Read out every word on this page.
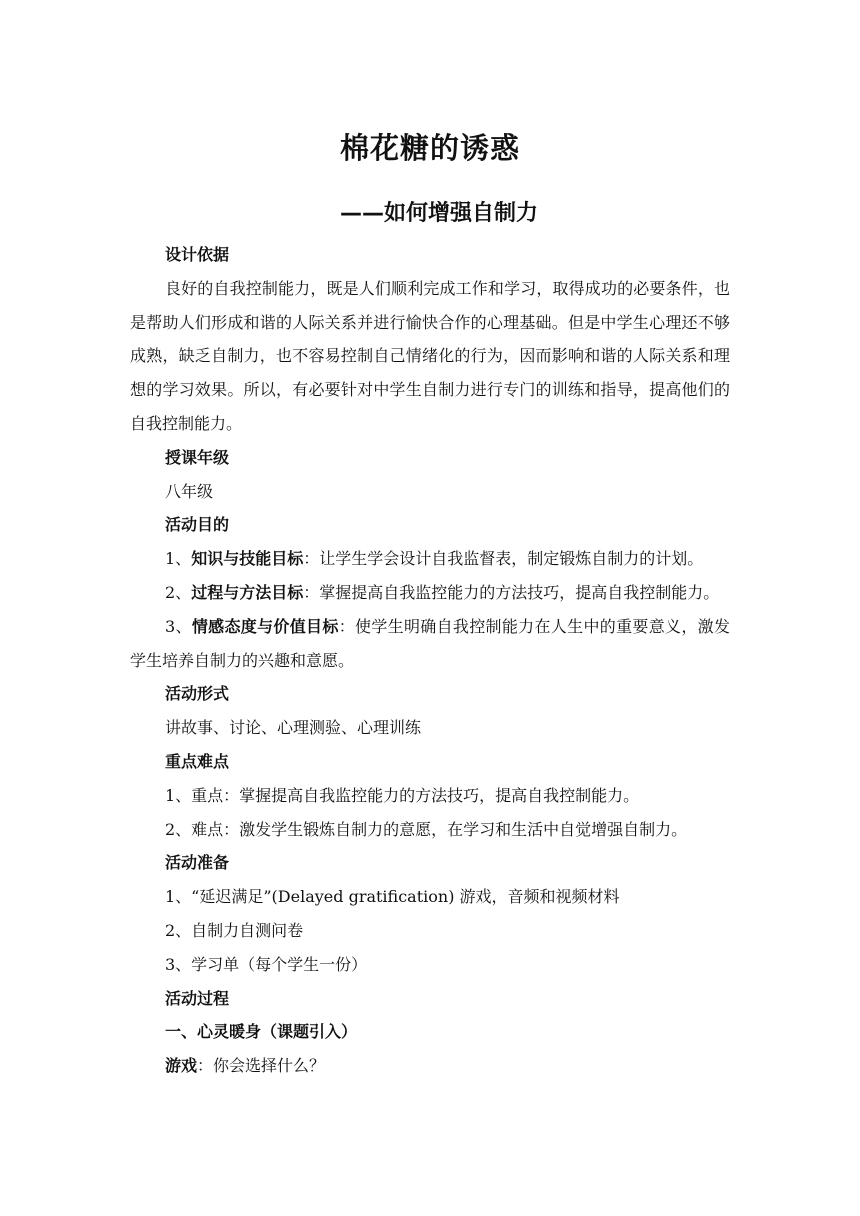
棉花糖的诱惑
——如何增强自制力
设计依据
良好的自我控制能力，既是人们顺利完成工作和学习，取得成功的必要条件，也是帮助人们形成和谐的人际关系并进行愉快合作的心理基础。但是中学生心理还不够成熟，缺乏自制力，也不容易控制自己情绪化的行为，因而影响和谐的人际关系和理想的学习效果。所以，有必要针对中学生自制力进行专门的训练和指导，提高他们的自我控制能力。
授课年级
八年级
活动目的
1、知识与技能目标：让学生学会设计自我监督表，制定锻炼自制力的计划。
2、过程与方法目标：掌握提高自我监控能力的方法技巧，提高自我控制能力。
3、情感态度与价值目标：使学生明确自我控制能力在人生中的重要意义，激发学生培养自制力的兴趣和意愿。
活动形式
讲故事、讨论、心理测验、心理训练
重点难点
1、重点：掌握提高自我监控能力的方法技巧，提高自我控制能力。
2、难点：激发学生锻炼自制力的意愿，在学习和生活中自觉增强自制力。
活动准备
1、“延迟满足”(Delayed gratification) 游戏，音频和视频材料
2、自制力自测问卷
3、学习单（每个学生一份）
活动过程
一、心灵暖身（课题引入）
游戏：你会选择什么？
